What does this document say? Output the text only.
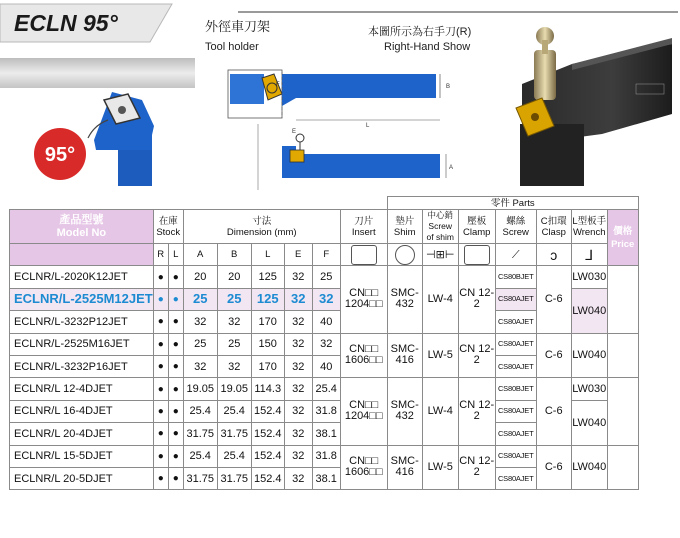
ECLN 95°	外徑車刀架
Tool holder
本圖所示為右手刀(R)
Right-Hand Show
95°
B
F
L
A
E
									零件 Parts						
產品型號
Model No	在庫
Stock		寸法
Dimension (mm)					刀片
Insert	墊片
Shim	中心銷
Screw
of shim	壓板
Clamp	螺絲
Screw	C扣環
Clasp	L型板手
Wrench	價格
Price

	R	L	A	B	L	E	F			⊣⊞⊢		⟋	ↄ	⅃	
ECLNR/L-2020K12JET	●	●	20	20	125	32	25	CN□□ 1204□□	SMC-432	LW-4	CN 12-2	CS80BJET	C-6	LW030	
ECLNR/L-2525M12JET	●	●	25	25	125	32	32					CS80AJET		LW040	
ECLNR/L-3232P12JET	●	●	32	32	170	32	40					CS80AJET			
ECLNR/L-2525M16JET	●	●	25	25	150	32	32	CN□□ 1606□□	SMC-416	LW-5	CN 12-2	CS80AJET	C-6	LW040	
ECLNR/L-3232P16JET	●	●	32	32	170	32	40					CS80AJET			
ECLNR/L 12-4DJET	●	●	19.05	19.05	114.3	32	25.4	CN□□ 1204□□	SMC-432	LW-4	CN 12-2	CS80BJET	C-6	LW030	
ECLNR/L 16-4DJET	●	●	25.4	25.4	152.4	32	31.8					CS80AJET		LW040	
ECLNR/L 20-4DJET	●	●	31.75	31.75	152.4	32	38.1					CS80AJET			
ECLNR/L 15-5DJET	●	●	25.4	25.4	152.4	32	31.8	CN□□ 1606□□	SMC-416	LW-5	CN 12-2	CS80AJET	C-6	LW040	
ECLNR/L 20-5DJET	●	●	31.75	31.75	152.4	32	38.1					CS80AJET			
